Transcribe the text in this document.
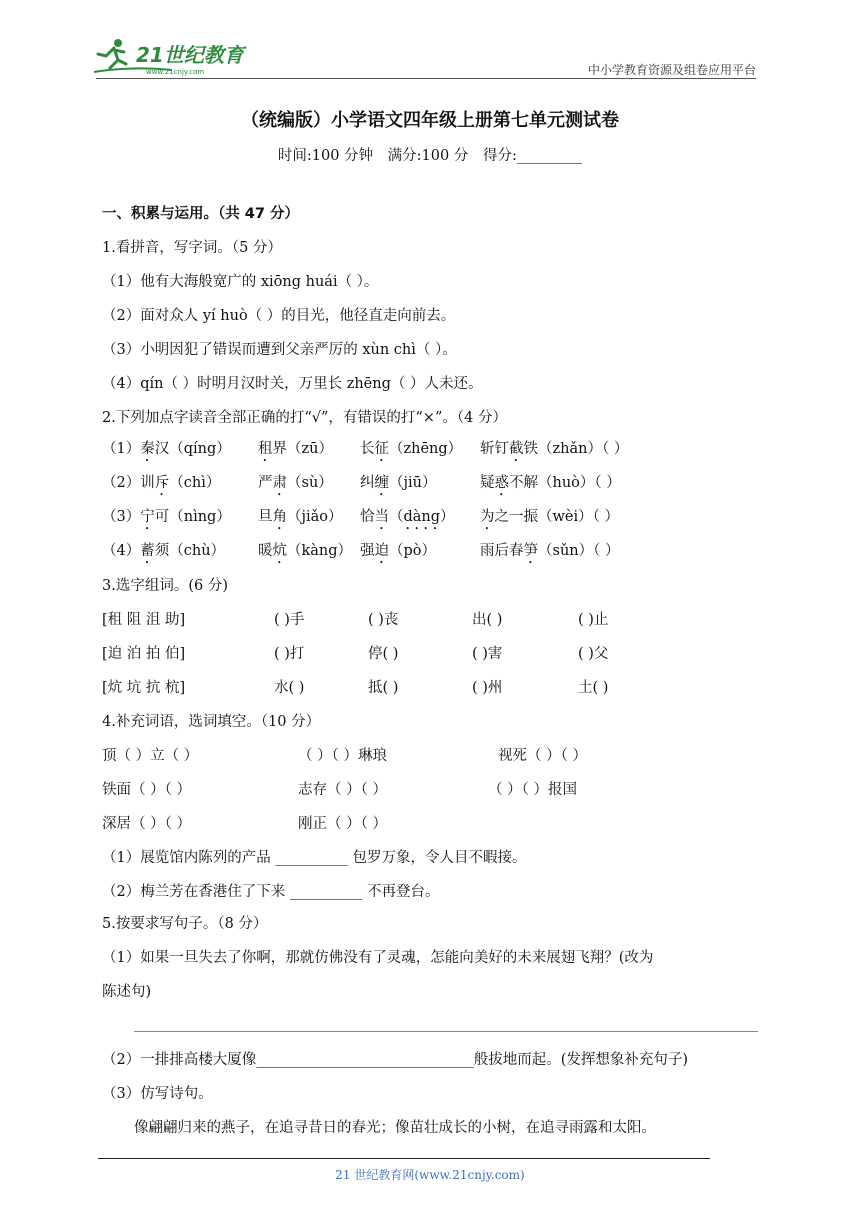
21世纪教育
www.21cnjy.com	中小学教育资源及组卷应用平台
（统编版）小学语文四年级上册第七单元测试卷
时间:100 分钟 满分:100 分 得分:_________
一、积累与运用。（共 47 分）
1.看拼音，写字词。（5 分）
（1）他有大海般宽广的 xiōng huái（ ）。
（2）面对众人 yí huò（ ）的目光，他径直走向前去。
（3）小明因犯了错误而遭到父亲严厉的 xùn chì（ ）。
（4）qín（ ）时明月汉时关，万里长 zhēng（ ）人未还。
2.下列加点字读音全部正确的打“√”，有错误的打“×”。（4 分）
（1）秦汉（qíng） 租界（zū） 长征（zhēng） 斩钉截铁（zhǎn）（ ）
（2）训斥（chì）	严肃（sù） 纠缠（jiū）	疑惑不解（huò）（ ）
（3）宁可（nìng） 旦角（jiǎo） 恰当（dàng） 为之一振（wèi）（ ）
（4）蓄须（chù） 暖炕（kàng） 强迫（pò）	雨后春笋（sǔn）（ ）
3.选字组词。(6 分)
[租 阻 沮 助]	( )手	( )丧	出( )	( )止
[迫 泊 拍 伯]	( )打	停( )	( )害	( )父
[炕 坑 抗 杭]	水( )	抵( )	( )州	土( )
4.补充词语，选词填空。（10 分）
顶（ ）立（ ）	（ ）（ ）琳琅	视死（ ）（ ）
铁面（ ）（ ）	志存（ ）（ ）	（ ）（ ）报国
深居（ ）（ ）	刚正（ ）（ ）
（1）展览馆内陈列的产品 __________ 包罗万象，令人目不暇接。
（2）梅兰芳在香港住了下来 __________ 不再登台。
5.按要求写句子。（8 分）
（1）如果一旦失去了你啊，那就仿佛没有了灵魂，怎能向美好的未来展翅飞翔？(改为
陈述句)
（2）一排排高楼大厦像______________________________般拔地而起。(发挥想象补充句子)
（3）仿写诗句。
像翩翩归来的燕子，在追寻昔日的春光；像苗壮成长的小树，在追寻雨露和太阳。
21 世纪教育网(www.21cnjy.com)
